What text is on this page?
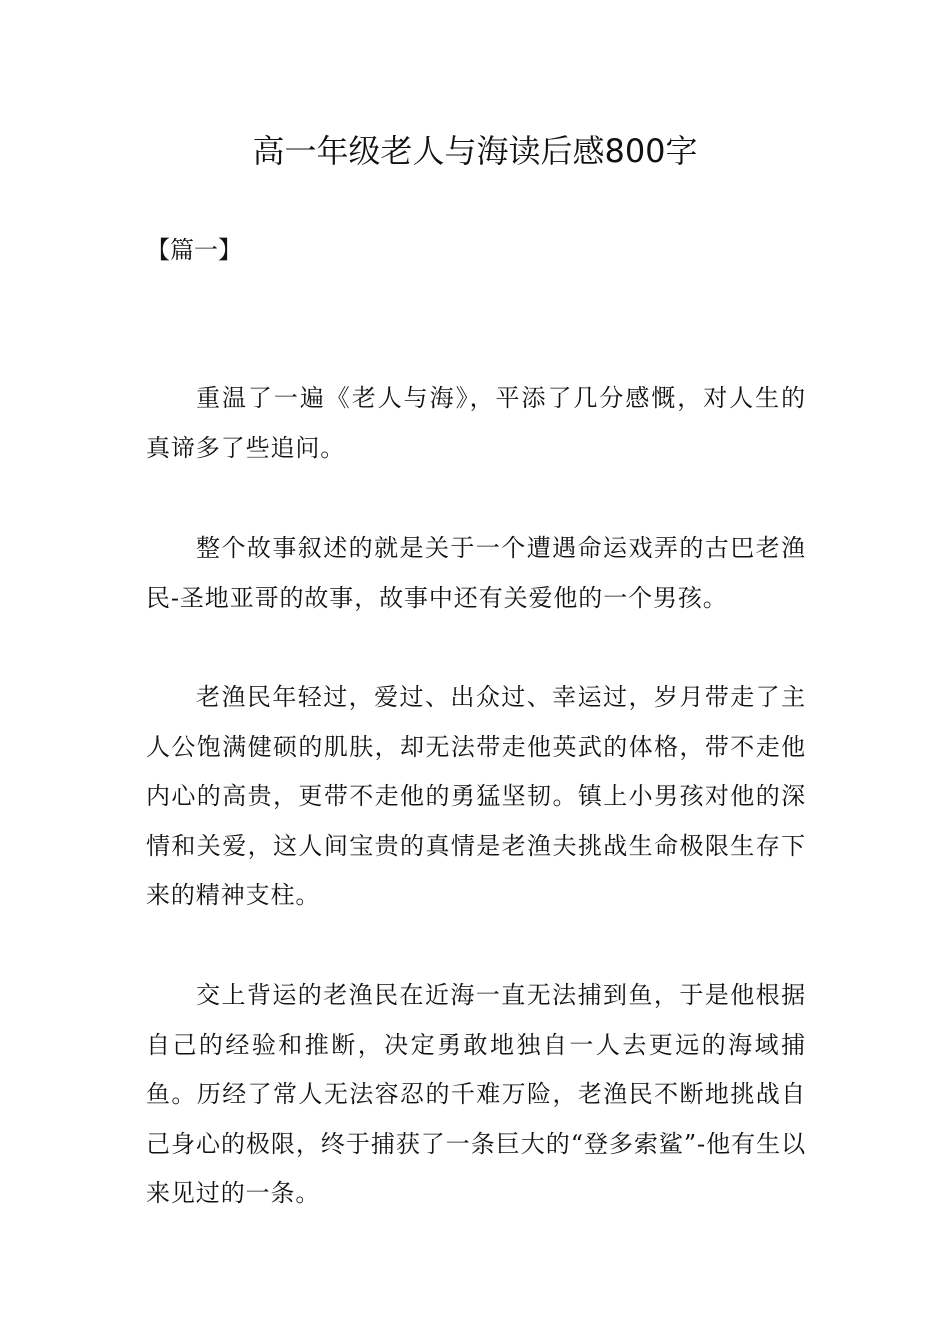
高一年级老人与海读后感800字
【篇一】

重温了一遍《老人与海》，平添了几分感慨，对人生的真谛多了些追问。

整个故事叙述的就是关于一个遭遇命运戏弄的古巴老渔民-圣地亚哥的故事，故事中还有关爱他的一个男孩。

老渔民年轻过，爱过、出众过、幸运过，岁月带走了主人公饱满健硕的肌肤，却无法带走他英武的体格，带不走他内心的高贵，更带不走他的勇猛坚韧。镇上小男孩对他的深情和关爱，这人间宝贵的真情是老渔夫挑战生命极限生存下来的精神支柱。

交上背运的老渔民在近海一直无法捕到鱼，于是他根据自己的经验和推断，决定勇敢地独自一人去更远的海域捕鱼。历经了常人无法容忍的千难万险，老渔民不断地挑战自己身心的极限，终于捕获了一条巨大的“登多索鲨”-他有生以来见过的一条。
